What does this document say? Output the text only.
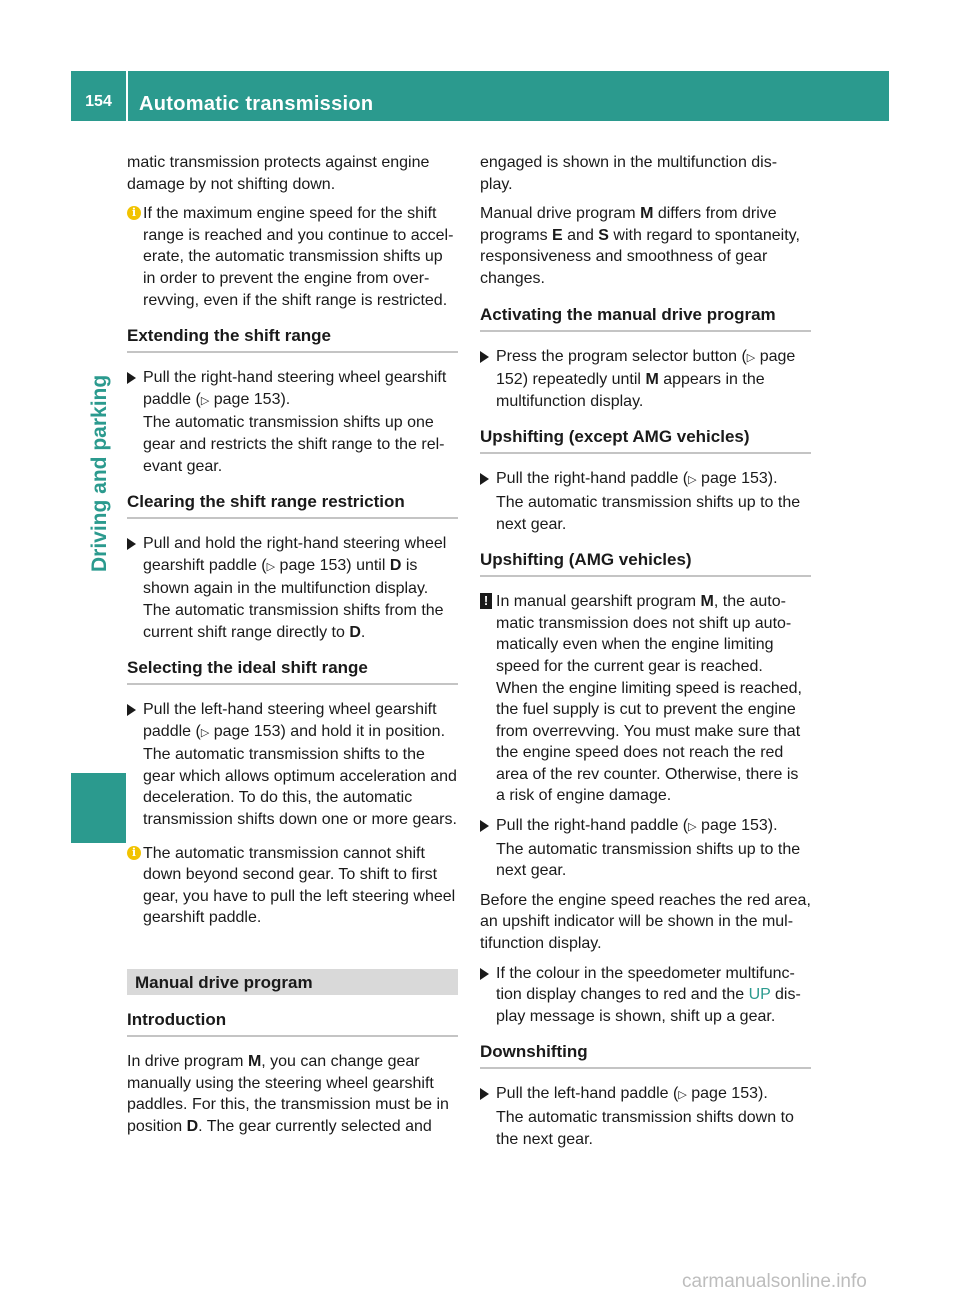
154	Automatic transmission
Driving and parking

matic transmission protects against engine damage by not shifting down.

i If the maximum engine speed for the shift range is reached and you continue to accel- erate, the automatic transmission shifts up in order to prevent the engine from over- revving, even if the shift range is restricted.

Extending the shift range

Pull the right-hand steering wheel gearshift paddle (▷ page 153).

The automatic transmission shifts up one gear and restricts the shift range to the rel- evant gear.

Clearing the shift range restriction

Pull and hold the right-hand steering wheel gearshift paddle (▷ page 153) until D is shown again in the multifunction display.

The automatic transmission shifts from the current shift range directly to D.

Selecting the ideal shift range

Pull the left-hand steering wheel gearshift paddle (▷ page 153) and hold it in position.

The automatic transmission shifts to the gear which allows optimum acceleration and deceleration. To do this, the automatic transmission shifts down one or more gears.

i The automatic transmission cannot shift down beyond second gear. To shift to first gear, you have to pull the left steering wheel gearshift paddle.

Manual drive program
Introduction

In drive program M, you can change gear manually using the steering wheel gearshift paddles. For this, the transmission must be in position D. The gear currently selected and

engaged is shown in the multifunction dis- play.

Manual drive program M differs from drive programs E and S with regard to spontaneity, responsiveness and smoothness of gear changes.

Activating the manual drive program

Press the program selector button (▷ page 152) repeatedly until M appears in the multifunction display.

Upshifting (except AMG vehicles)

Pull the right-hand paddle (▷ page 153).

The automatic transmission shifts up to the next gear.

Upshifting (AMG vehicles)
! In manual gearshift program M, the auto- matic transmission does not shift up auto- matically even when the engine limiting speed for the current gear is reached.

When the engine limiting speed is reached, the fuel supply is cut to prevent the engine from overrevving. You must make sure that the engine speed does not reach the red area of the rev counter. Otherwise, there is a risk of engine damage.

Pull the right-hand paddle (▷ page 153).

The automatic transmission shifts up to the next gear.

Before the engine speed reaches the red area, an upshift indicator will be shown in the mul- tifunction display.

If the colour in the speedometer multifunc- tion display changes to red and the UP dis- play message is shown, shift up a gear.

Downshifting

Pull the left-hand paddle (▷ page 153).

The automatic transmission shifts down to the next gear.

carmanualsonline.info
